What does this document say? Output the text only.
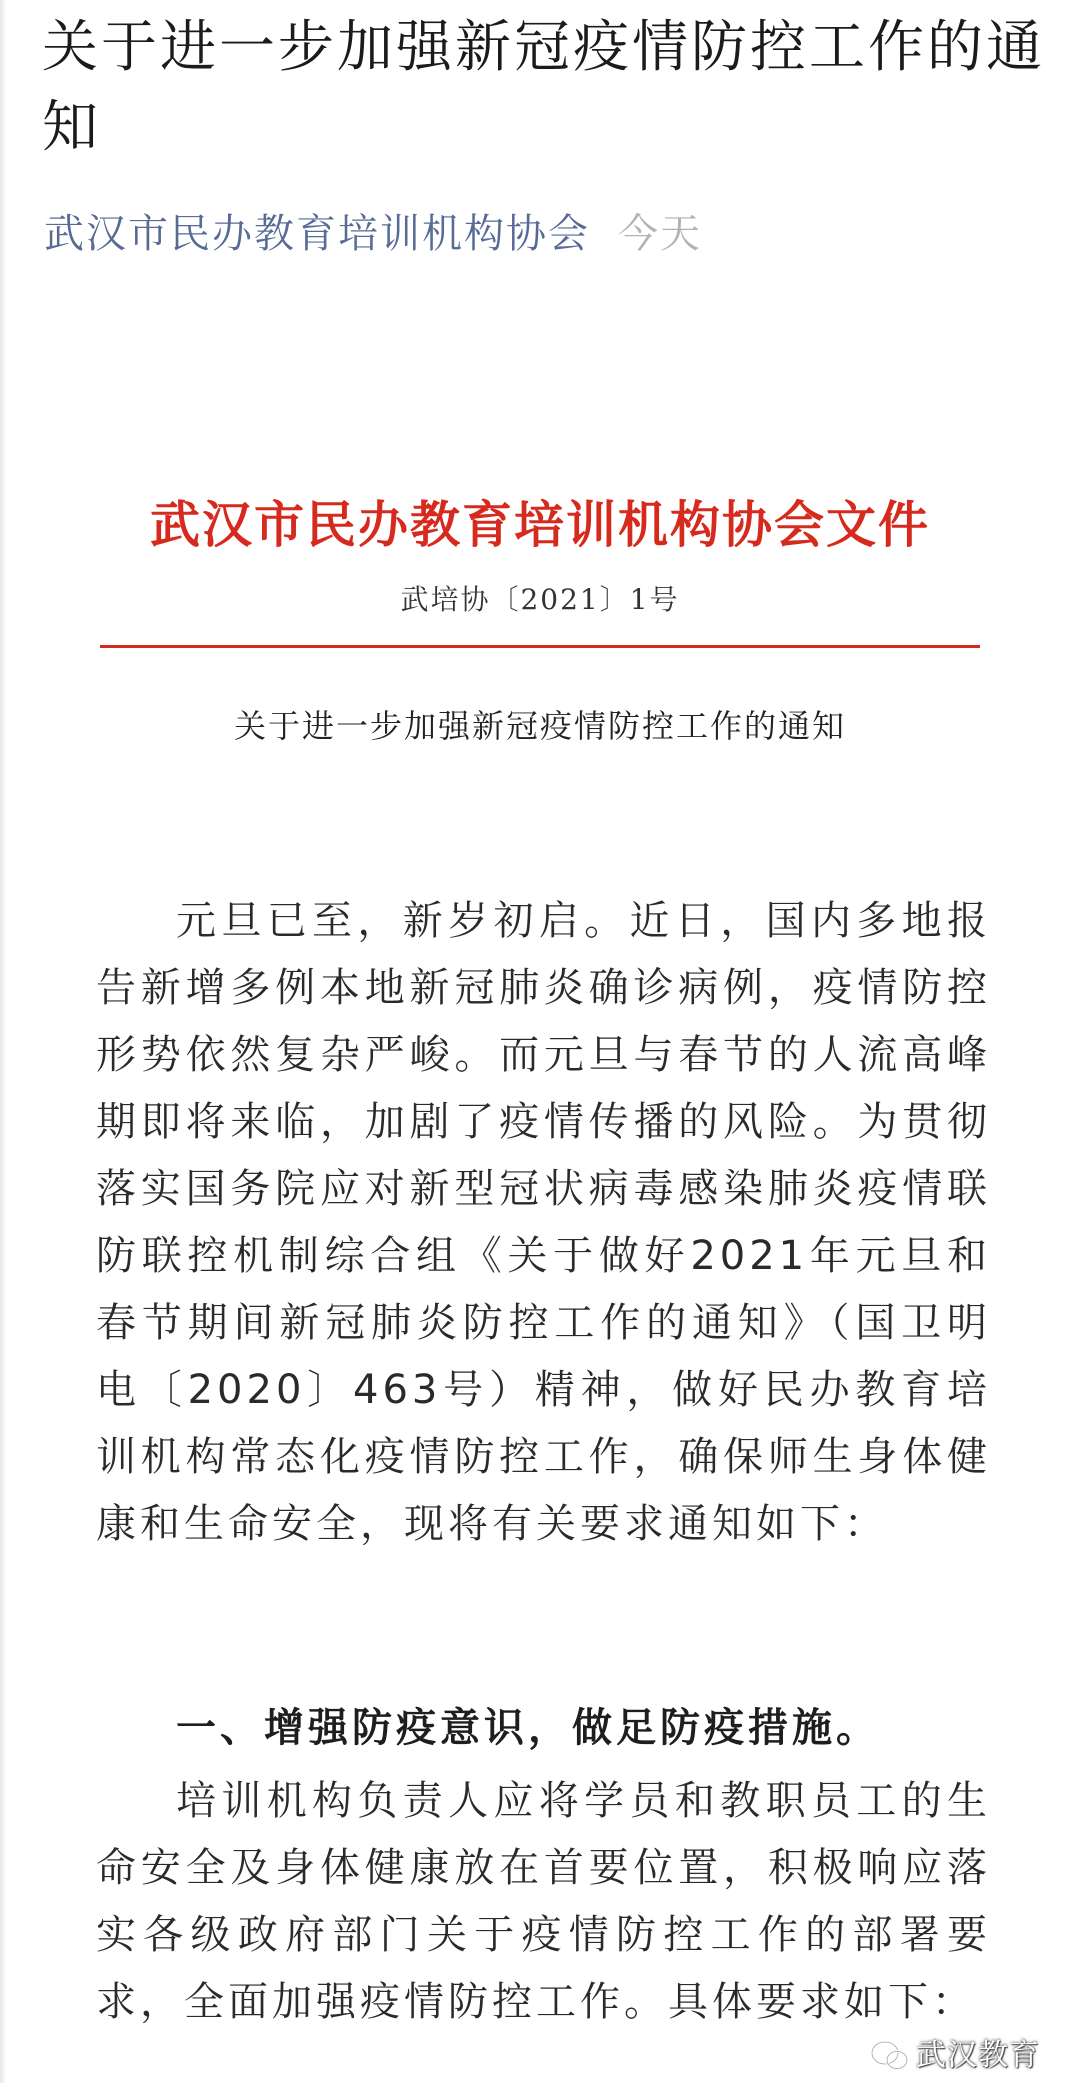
关于进一步加强新冠疫情防控工作的通知
武汉市民办教育培训机构协会 今天
武汉市民办教育培训机构协会文件
武培协〔2021〕1号
关于进一步加强新冠疫情防控工作的通知

元旦已至，新岁初启。近日，国内多地报告新增多例本地新冠肺炎确诊病例，疫情防控形势依然复杂严峻。而元旦与春节的人流高峰期即将来临，加剧了疫情传播的风险。为贯彻落实国务院应对新型冠状病毒感染肺炎疫情联防联控机制综合组《关于做好2021年元旦和春节期间新冠肺炎防控工作的通知》（国卫明电〔2020〕463号）精神，做好民办教育培训机构常态化疫情防控工作，确保师生身体健康和生命安全，现将有关要求通知如下：

一、增强防疫意识，做足防疫措施。

培训机构负责人应将学员和教职员工的生命安全及身体健康放在首要位置，积极响应落实各级政府部门关于疫情防控工作的部署要求，全面加强疫情防控工作。具体要求如下：

武汉教育
